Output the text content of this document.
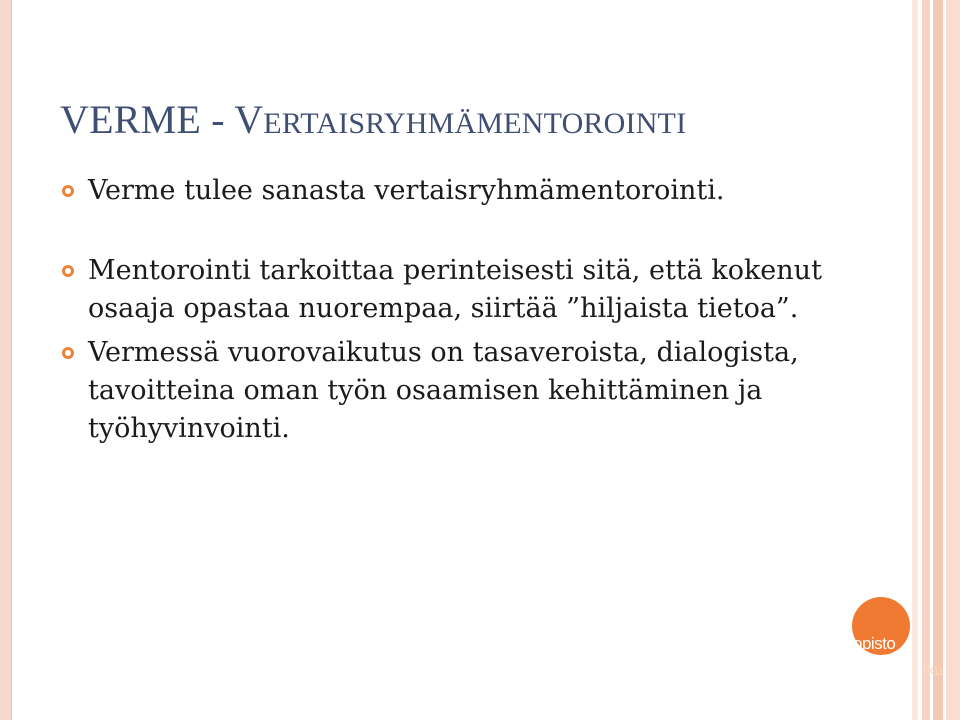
VERME - VERTAISRYHMÄMENTOROINTI
Verme tulee sanasta vertaisryhmämentorointi.
Mentorointi tarkoittaa perinteisesti sitä, että kokenut osaaja opastaa nuorempaa, siirtää ”hiljaista tietoa”.
Vermessä vuorovaikutus on tasaveroista, dialogista, tavoitteina oman työn osaamisen kehittäminen ja työhyvinvointi.
opisto
rku
